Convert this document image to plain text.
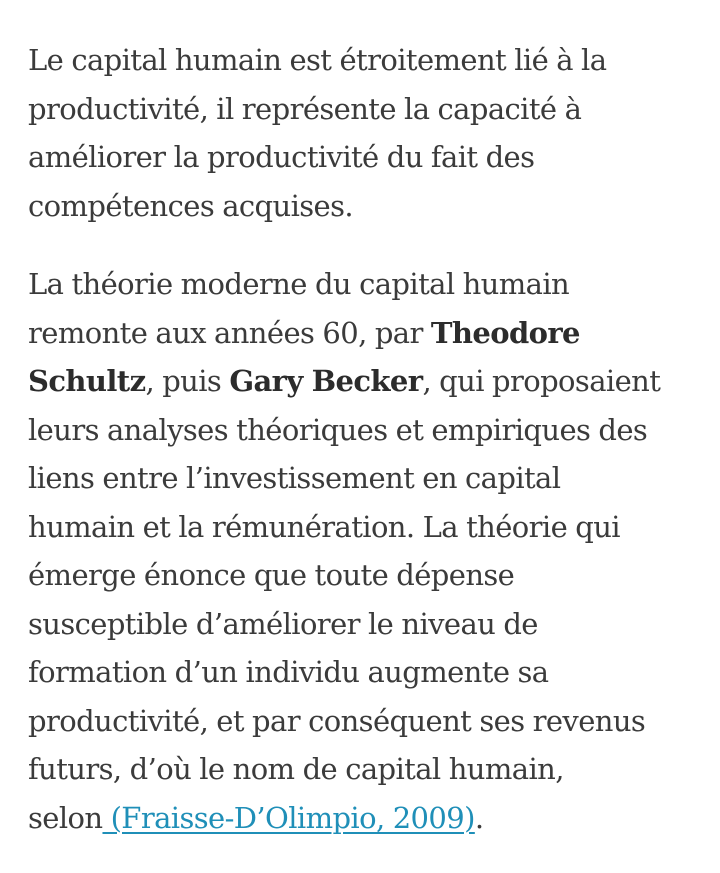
Le capital humain est étroitement lié à la
productivité, il représente la capacité à
améliorer la productivité du fait des
compétences acquises.

La théorie moderne du capital humain
remonte aux années 60, par Theodore
Schultz, puis Gary Becker, qui proposaient
leurs analyses théoriques et empiriques des
liens entre l’investissement en capital
humain et la rémunération. La théorie qui
émerge énonce que toute dépense
susceptible d’améliorer le niveau de
formation d’un individu augmente sa
productivité, et par conséquent ses revenus
futurs, d’où le nom de capital humain,
selon (Fraisse-D’Olimpio, 2009).
